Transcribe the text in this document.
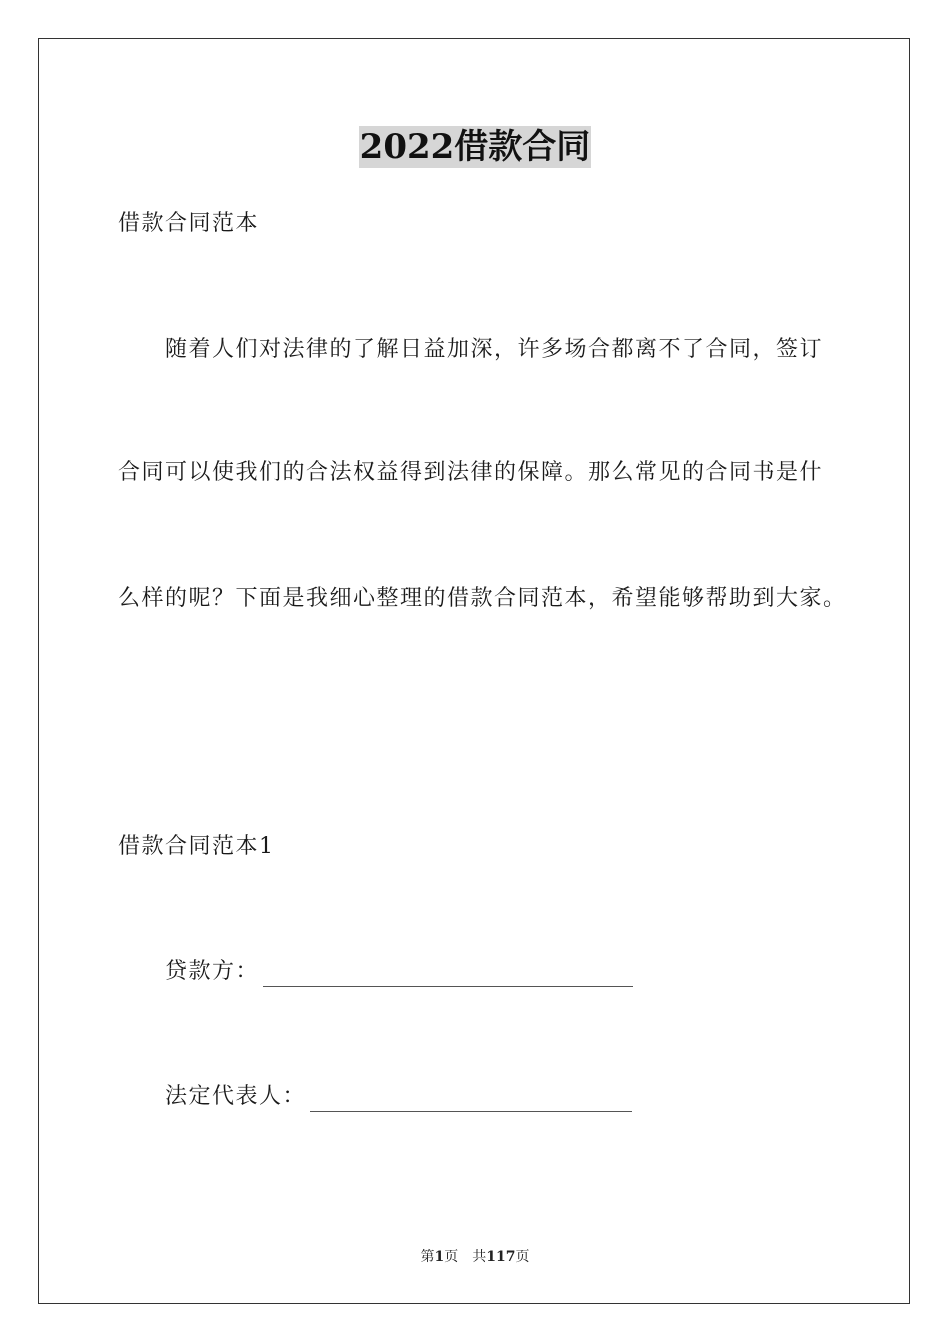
2022借款合同
借款合同范本
随着人们对法律的了解日益加深，许多场合都离不了合同，签订
合同可以使我们的合法权益得到法律的保障。那么常见的合同书是什
么样的呢？下面是我细心整理的借款合同范本，希望能够帮助到大家。
借款合同范本1
贷款方：
法定代表人：
第1页 共117页
